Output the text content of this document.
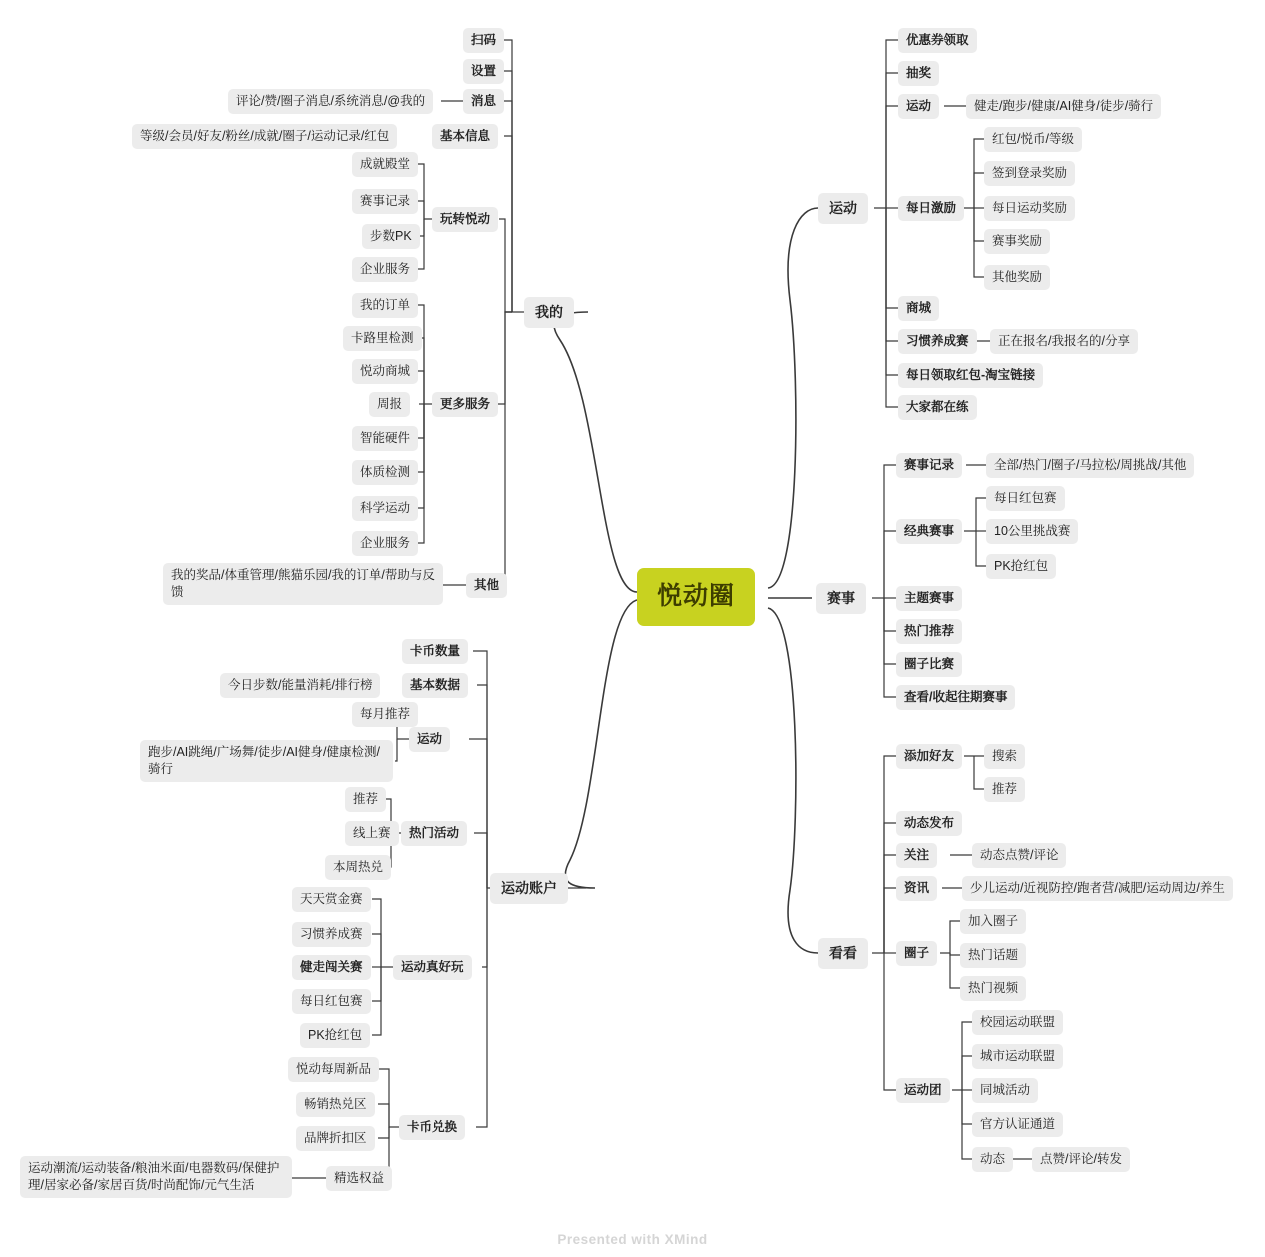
悦动圈
我的
扫码
设置
消息
评论/赞/圈子消息/系统消息/@我的
基本信息
等级/会员/好友/粉丝/成就/圈子/运动记录/红包
玩转悦动
成就殿堂
赛事记录
步数PK
企业服务
更多服务
我的订单
卡路里检测
悦动商城
周报
智能硬件
体质检测
科学运动
企业服务
其他
我的奖品/体重管理/熊猫乐园/我的订单/帮助与反馈
运动账户
卡币数量
基本数据
今日步数/能量消耗/排行榜
运动
每月推荐
跑步/AI跳绳/广场舞/徒步/AI健身/健康检测/骑行
热门活动
推荐
线上赛
本周热兑
运动真好玩
天天赏金赛
习惯养成赛
健走闯关赛
每日红包赛
PK抢红包
卡币兑换
悦动每周新品
畅销热兑区
品牌折扣区
精选权益
运动潮流/运动装备/粮油米面/电器数码/保健护理/居家必备/家居百货/时尚配饰/元气生活
运动
优惠券领取
抽奖
运动	健走/跑步/健康/AI健身/徒步/骑行
每日激励
红包/悦币/等级
签到登录奖励
每日运动奖励
赛事奖励
其他奖励
商城
习惯养成赛	正在报名/我报名的/分享
每日领取红包-淘宝链接
大家都在练
赛事
赛事记录	全部/热门/圈子/马拉松/周挑战/其他
经典赛事
每日红包赛
10公里挑战赛
PK抢红包
主题赛事
热门推荐
圈子比赛
查看/收起往期赛事
看看
添加好友	搜索
推荐
动态发布
关注	动态点赞/评论
资讯	少儿运动/近视防控/跑者营/减肥/运动周边/养生
圈子
加入圈子
热门话题
热门视频
运动团
校园运动联盟
城市运动联盟
同城活动
官方认证通道
动态	点赞/评论/转发
Presented with XMind
